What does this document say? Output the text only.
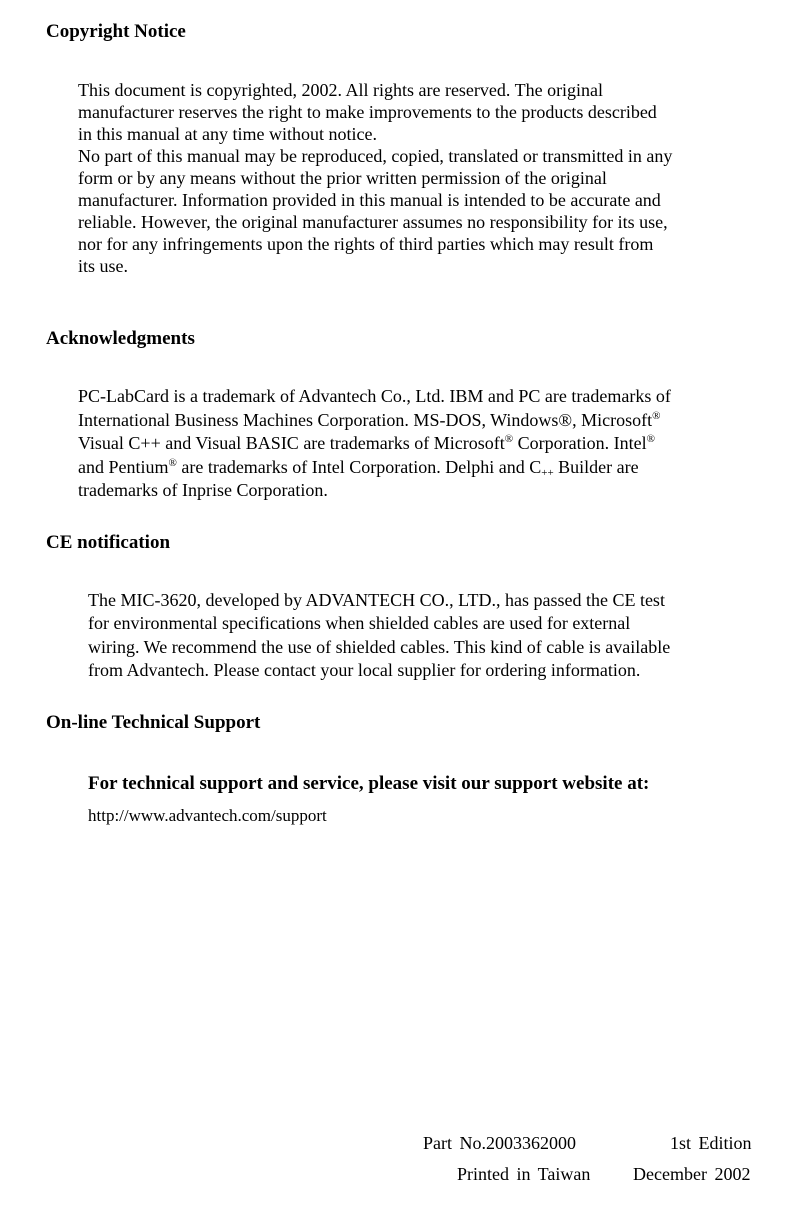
Copyright Notice
This document is copyrighted, 2002. All rights are reserved. The original
manufacturer reserves the right to make improvements to the products described
in this manual at any time without notice.
No part of this manual may be reproduced, copied, translated or transmitted in any
form or by any means without the prior written permission of the original
manufacturer. Information provided in this manual is intended to be accurate and
reliable. However, the original manufacturer assumes no responsibility for its use,
nor for any infringements upon the rights of third parties which may result from
its use.
Acknowledgments
PC-LabCard is a trademark of Advantech Co., Ltd. IBM and PC are trademarks of
International Business Machines Corporation. MS-DOS, Windows®, Microsoft®
Visual C++ and Visual BASIC are trademarks of Microsoft® Corporation. Intel®
and Pentium® are trademarks of Intel Corporation. Delphi and $C_{++}$ Builder are
trademarks of Inprise Corporation.
CE notification
The MIC-3620, developed by ADVANTECH CO., LTD., has passed the CE test
for environmental specifications when shielded cables are used for external
wiring. We recommend the use of shielded cables. This kind of cable is available
from Advantech. Please contact your local supplier for ordering information.
On-line Technical Support

For technical support and service, please visit our support website at:

http://www.advantech.com/support

Part No.2003362000	1st Edition
Printed in Taiwan December 2002
